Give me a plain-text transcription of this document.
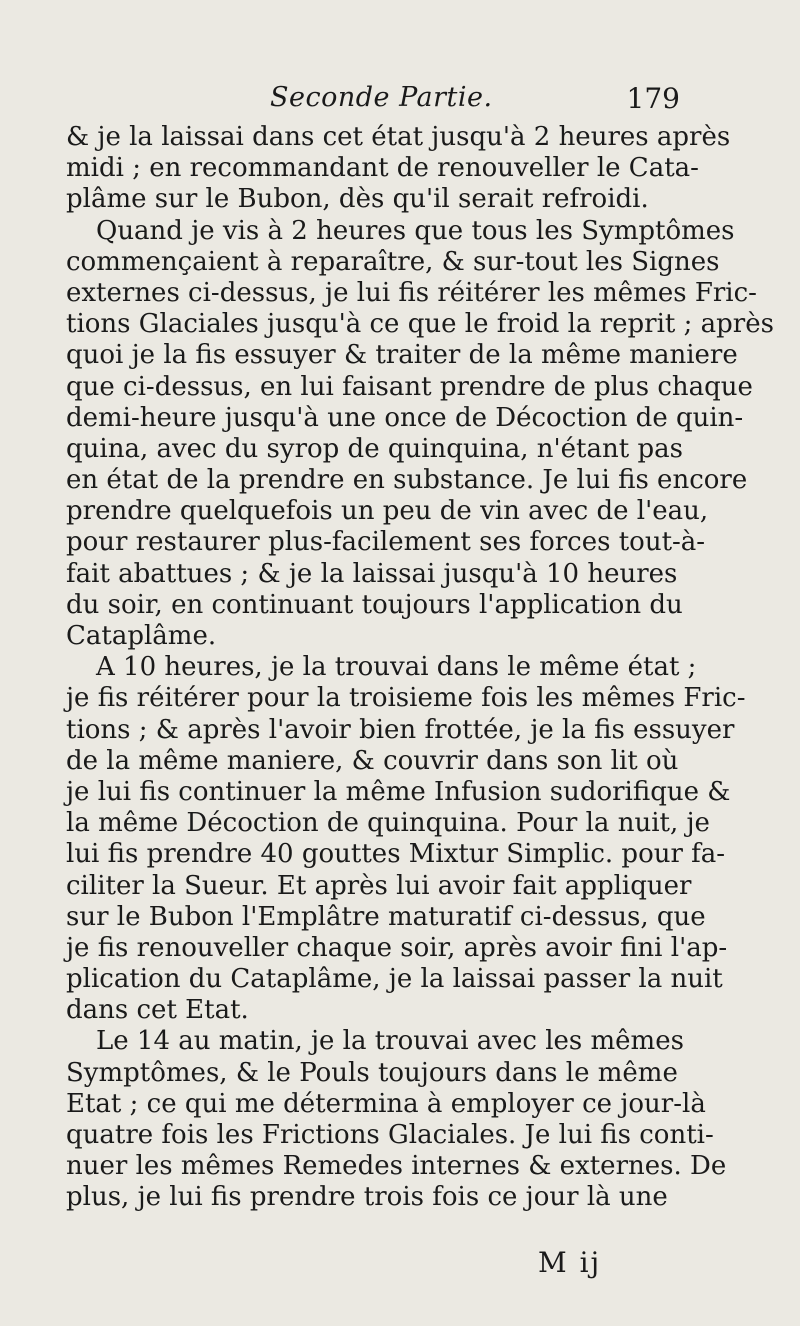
Seconde Partie.	179
& je la laissai dans cet état jusqu'à 2 heures après
midi ; en recommandant de renouveller le Cata-
plâme sur le Bubon, dès qu'il serait refroidi.
Quand je vis à 2 heures que tous les Symptômes
commençaient à reparaître, & sur-tout les Signes
externes ci-dessus, je lui fis réitérer les mêmes Fric-
tions Glaciales jusqu'à ce que le froid la reprit ; après
quoi je la fis essuyer & traiter de la même maniere
que ci-dessus, en lui faisant prendre de plus chaque
demi-heure jusqu'à une once de Décoction de quin-
quina, avec du syrop de quinquina, n'étant pas
en état de la prendre en substance. Je lui fis encore
prendre quelquefois un peu de vin avec de l'eau,
pour restaurer plus-facilement ses forces tout-à-
fait abattues ; & je la laissai jusqu'à 10 heures
du soir, en continuant toujours l'application du
Cataplâme.
A 10 heures, je la trouvai dans le même état ;
je fis réitérer pour la troisieme fois les mêmes Fric-
tions ; & après l'avoir bien frottée, je la fis essuyer
de la même maniere, & couvrir dans son lit où
je lui fis continuer la même Infusion sudorifique &
la même Décoction de quinquina. Pour la nuit, je
lui fis prendre 40 gouttes Mixtur Simplic. pour fa-
ciliter la Sueur. Et après lui avoir fait appliquer
sur le Bubon l'Emplâtre maturatif ci-dessus, que
je fis renouveller chaque soir, après avoir fini l'ap-
plication du Cataplâme, je la laissai passer la nuit
dans cet Etat.
Le 14 au matin, je la trouvai avec les mêmes
Symptômes, & le Pouls toujours dans le même
Etat ; ce qui me détermina à employer ce jour-là
quatre fois les Frictions Glaciales. Je lui fis conti-
nuer les mêmes Remedes internes & externes. De
plus, je lui fis prendre trois fois ce jour là une
M ij
